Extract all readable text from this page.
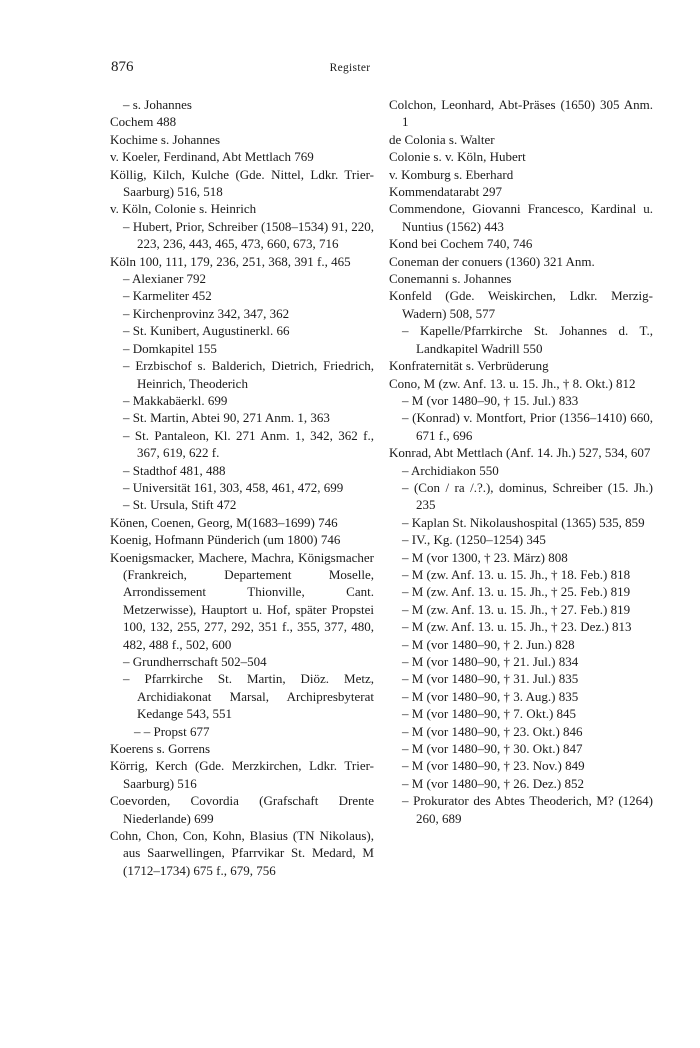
876	Register
– s. Johannes
Cochem 488
Kochime s. Johannes
v. Koeler, Ferdinand, Abt Mettlach 769
Köllig, Kilch, Kulche (Gde. Nittel, Ldkr. Trier-Saarburg) 516, 518
v. Köln, Colonie s. Heinrich
– Hubert, Prior, Schreiber (1508–1534) 91, 220, 223, 236, 443, 465, 473, 660, 673, 716
Köln 100, 111, 179, 236, 251, 368, 391 f., 465
– Alexianer 792
– Karmeliter 452
– Kirchenprovinz 342, 347, 362
– St. Kunibert, Augustinerkl. 66
– Domkapitel 155
– Erzbischof s. Balderich, Dietrich, Friedrich, Heinrich, Theoderich
– Makkabäerkl. 699
– St. Martin, Abtei 90, 271 Anm. 1, 363
– St. Pantaleon, Kl. 271 Anm. 1, 342, 362 f., 367, 619, 622 f.
– Stadthof 481, 488
– Universität 161, 303, 458, 461, 472, 699
– St. Ursula, Stift 472
Könen, Coenen, Georg, M(1683–1699) 746
Koenig, Hofmann Pünderich (um 1800) 746
Koenigsmacker, Machere, Machra, Königsmacher (Frankreich, Departement Moselle, Arrondissement Thionville, Cant. Metzerwisse), Hauptort u. Hof, später Propstei 100, 132, 255, 277, 292, 351 f., 355, 377, 480, 482, 488 f., 502, 600
– Grundherrschaft 502–504
– Pfarrkirche St. Martin, Diöz. Metz, Archidiakonat Marsal, Archipresbyterat Kedange 543, 551
– – Propst 677
Koerens s. Gorrens
Körrig, Kerch (Gde. Merzkirchen, Ldkr. Trier-Saarburg) 516
Coevorden, Covordia (Grafschaft Drente Niederlande) 699
Cohn, Chon, Con, Kohn, Blasius (TN Nikolaus), aus Saarwellingen, Pfarrvikar St. Medard, M (1712–1734) 675 f., 679, 756
Colchon, Leonhard, Abt-Präses (1650) 305 Anm. 1
de Colonia s. Walter
Colonie s. v. Köln, Hubert
v. Komburg s. Eberhard
Kommendatarabt 297
Commendone, Giovanni Francesco, Kardinal u. Nuntius (1562) 443
Kond bei Cochem 740, 746
Coneman der conuers (1360) 321 Anm.
Conemanni s. Johannes
Konfeld (Gde. Weiskirchen, Ldkr. Merzig-Wadern) 508, 577
– Kapelle/Pfarrkirche St. Johannes d. T., Landkapitel Wadrill 550
Konfraternität s. Verbrüderung
Cono, M (zw. Anf. 13. u. 15. Jh., † 8. Okt.) 812
– M (vor 1480–90, † 15. Jul.) 833
– (Konrad) v. Montfort, Prior (1356–1410) 660, 671 f., 696
Konrad, Abt Mettlach (Anf. 14. Jh.) 527, 534, 607
– Archidiakon 550
– (Con / ra /.?.), dominus, Schreiber (15. Jh.) 235
– Kaplan St. Nikolaushospital (1365) 535, 859
– IV., Kg. (1250–1254) 345
– M (vor 1300, † 23. März) 808
– M (zw. Anf. 13. u. 15. Jh., † 18. Feb.) 818
– M (zw. Anf. 13. u. 15. Jh., † 25. Feb.) 819
– M (zw. Anf. 13. u. 15. Jh., † 27. Feb.) 819
– M (zw. Anf. 13. u. 15. Jh., † 23. Dez.) 813
– M (vor 1480–90, † 2. Jun.) 828
– M (vor 1480–90, † 21. Jul.) 834
– M (vor 1480–90, † 31. Jul.) 835
– M (vor 1480–90, † 3. Aug.) 835
– M (vor 1480–90, † 7. Okt.) 845
– M (vor 1480–90, † 23. Okt.) 846
– M (vor 1480–90, † 30. Okt.) 847
– M (vor 1480–90, † 23. Nov.) 849
– M (vor 1480–90, † 26. Dez.) 852
– Prokurator des Abtes Theoderich, M? (1264) 260, 689
